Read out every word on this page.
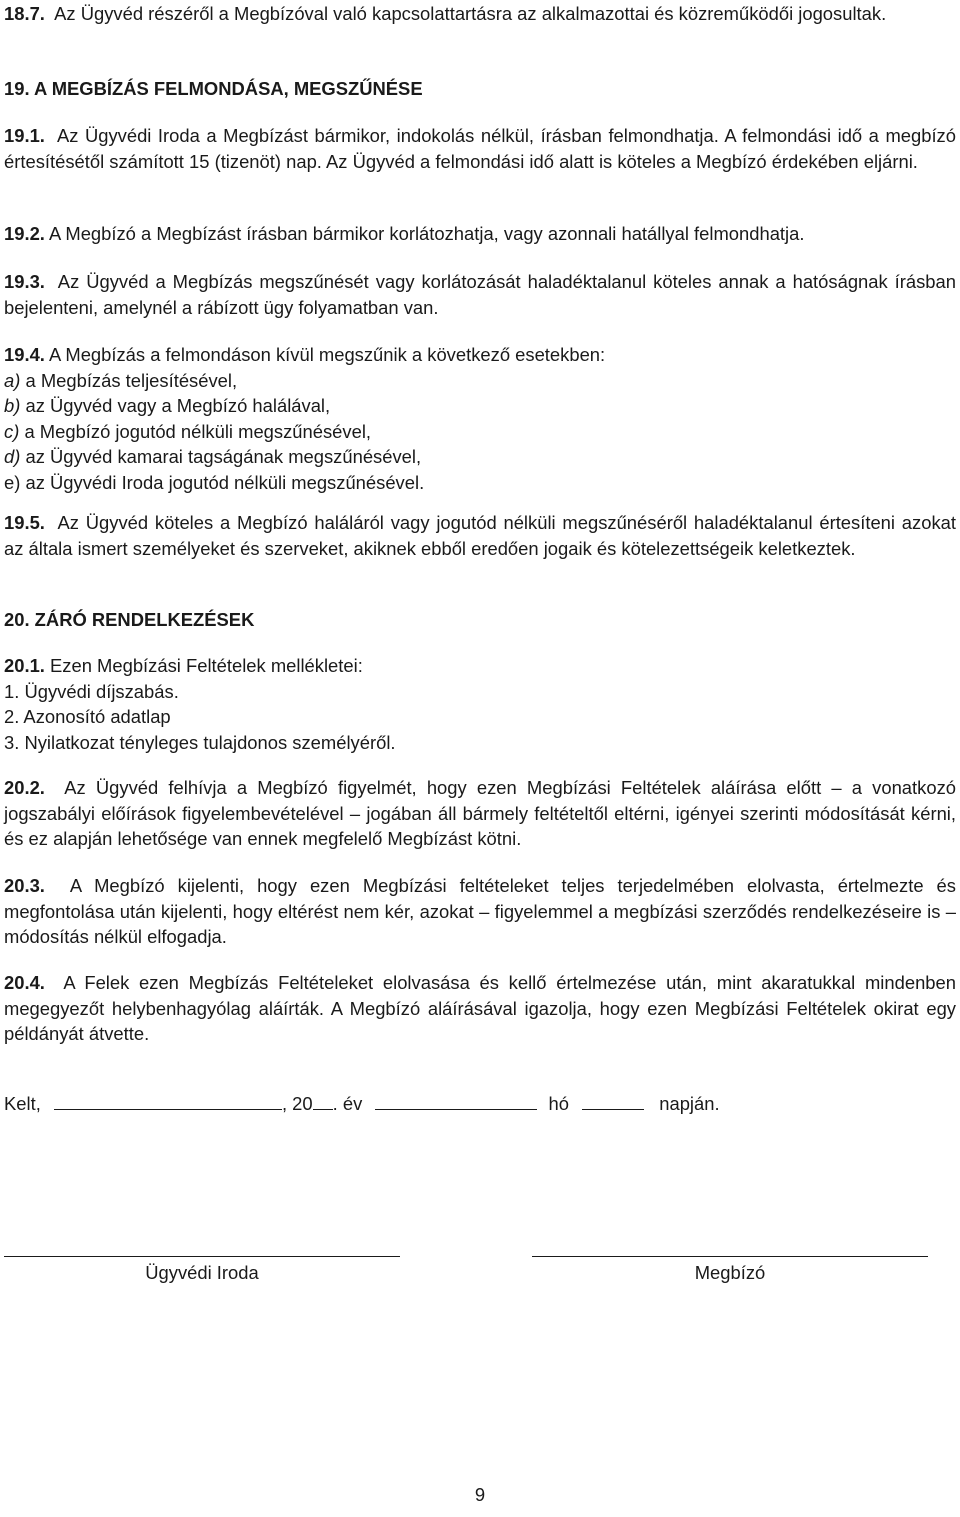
18.7. Az Ügyvéd részéről a Megbízóval való kapcsolattartásra az alkalmazottai és közreműködői jogosultak.
19. A MEGBÍZÁS FELMONDÁSA, MEGSZŰNÉSE
19.1. Az Ügyvédi Iroda a Megbízást bármikor, indokolás nélkül, írásban felmondhatja. A felmondási idő a megbízó értesítésétől számított 15 (tizenöt) nap. Az Ügyvéd a felmondási idő alatt is köteles a Megbízó érdekében eljárni.
19.2. A Megbízó a Megbízást írásban bármikor korlátozhatja, vagy azonnali hatállyal felmondhatja.
19.3. Az Ügyvéd a Megbízás megszűnését vagy korlátozását haladéktalanul köteles annak a hatóságnak írásban bejelenteni, amelynél a rábízott ügy folyamatban van.
19.4. A Megbízás a felmondáson kívül megszűnik a következő esetekben:
a) a Megbízás teljesítésével,
b) az Ügyvéd vagy a Megbízó halálával,
c) a Megbízó jogutód nélküli megszűnésével,
d) az Ügyvéd kamarai tagságának megszűnésével,
e) az Ügyvédi Iroda jogutód nélküli megszűnésével.
19.5. Az Ügyvéd köteles a Megbízó haláláról vagy jogutód nélküli megszűnéséről haladéktalanul értesíteni azokat az általa ismert személyeket és szerveket, akiknek ebből eredően jogaik és kötelezettségeik keletkeztek.
20. ZÁRÓ RENDELKEZÉSEK
20.1. Ezen Megbízási Feltételek mellékletei:
1. Ügyvédi díjszabás.
2. Azonosító adatlap
3. Nyilatkozat tényleges tulajdonos személyéről.
20.2. Az Ügyvéd felhívja a Megbízó figyelmét, hogy ezen Megbízási Feltételek aláírása előtt – a vonatkozó jogszabályi előírások figyelembevételével – jogában áll bármely feltételtől eltérni, igényei szerinti módosítását kérni, és ez alapján lehetősége van ennek megfelelő Megbízást kötni.
20.3. A Megbízó kijelenti, hogy ezen Megbízási feltételeket teljes terjedelmében elolvasta, értelmezte és megfontolása után kijelenti, hogy eltérést nem kér, azokat – figyelemmel a megbízási szerződés rendelkezéseire is – módosítás nélkül elfogadja.
20.4. A Felek ezen Megbízás Feltételeket elolvasása és kellő értelmezése után, mint akaratukkal mindenben megegyezőt helybenhagyólag aláírták. A Megbízó aláírásával igazolja, hogy ezen Megbízási Feltételek okirat egy példányát átvette.
Kelt,	, 20 . év	hó	napján.
Ügyvédi Iroda	Megbízó
9
